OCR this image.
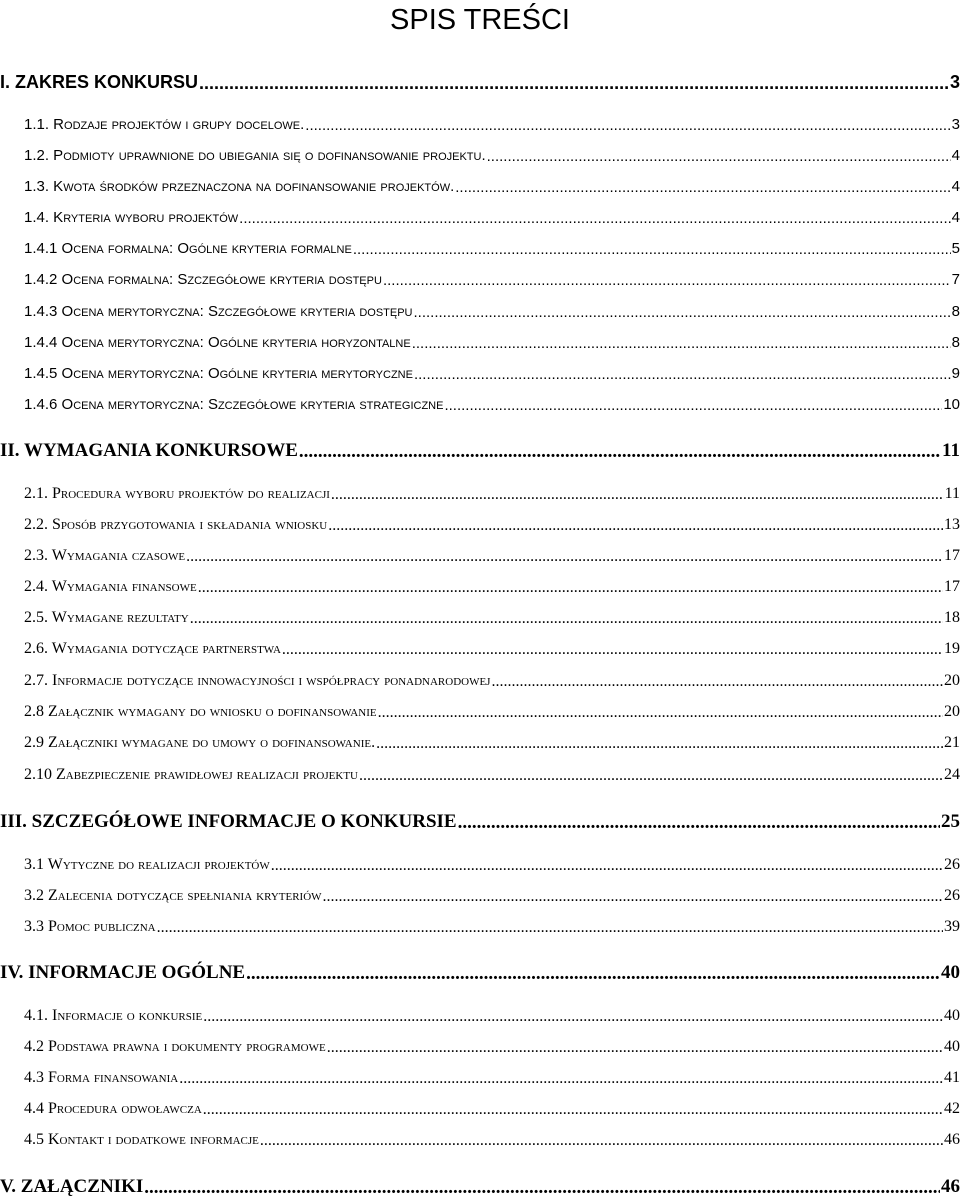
SPIS TREŚCI
I. ZAKRES KONKURSU .....	3
1.1. Rodzaje projektów i grupy docelowe. .....	3
1.2. Podmioty uprawnione do ubiegania się o dofinansowanie projektu. .....	4
1.3. Kwota środków przeznaczona na dofinansowanie projektów. .....	4
1.4. Kryteria wyboru projektów .....	4
1.4.1 Ocena formalna: Ogólne kryteria formalne .....	5
1.4.2 Ocena formalna: Szczegółowe kryteria dostępu .....	7
1.4.3 Ocena merytoryczna: Szczegółowe kryteria dostępu .....	8
1.4.4 Ocena merytoryczna: Ogólne kryteria horyzontalne .....	8
1.4.5 Ocena merytoryczna: Ogólne kryteria merytoryczne .....	9
1.4.6 Ocena merytoryczna: Szczegółowe kryteria strategiczne .....	10
II. WYMAGANIA KONKURSOWE .....	11
2.1. Procedura wyboru projektów do realizacji .....	11
2.2. Sposób przygotowania i składania wniosku .....	13
2.3. Wymagania czasowe .....	17
2.4. Wymagania finansowe .....	17
2.5. Wymagane rezultaty .....	18
2.6. Wymagania dotyczące partnerstwa .....	19
2.7. Informacje dotyczące innowacyjności i współpracy ponadnarodowej .....	20
2.8 Załącznik wymagany do wniosku o dofinansowanie .....	20
2.9 Załączniki wymagane do umowy o dofinansowanie. .....	21
2.10 Zabezpieczenie prawidłowej realizacji projektu .....	24
III. SZCZEGÓŁOWE INFORMACJE O KONKURSIE .....	25
3.1 Wytyczne do realizacji projektów .....	26
3.2 Zalecenia dotyczące spełniania kryteriów .....	26
3.3 Pomoc publiczna .....	39
IV. INFORMACJE OGÓLNE .....	40
4.1. Informacje o konkursie .....	40
4.2 Podstawa prawna i dokumenty programowe .....	40
4.3 Forma finansowania .....	41
4.4 Procedura odwoławcza .....	42
4.5 Kontakt i dodatkowe informacje .....	46
V. ZAŁĄCZNIKI .....	46
